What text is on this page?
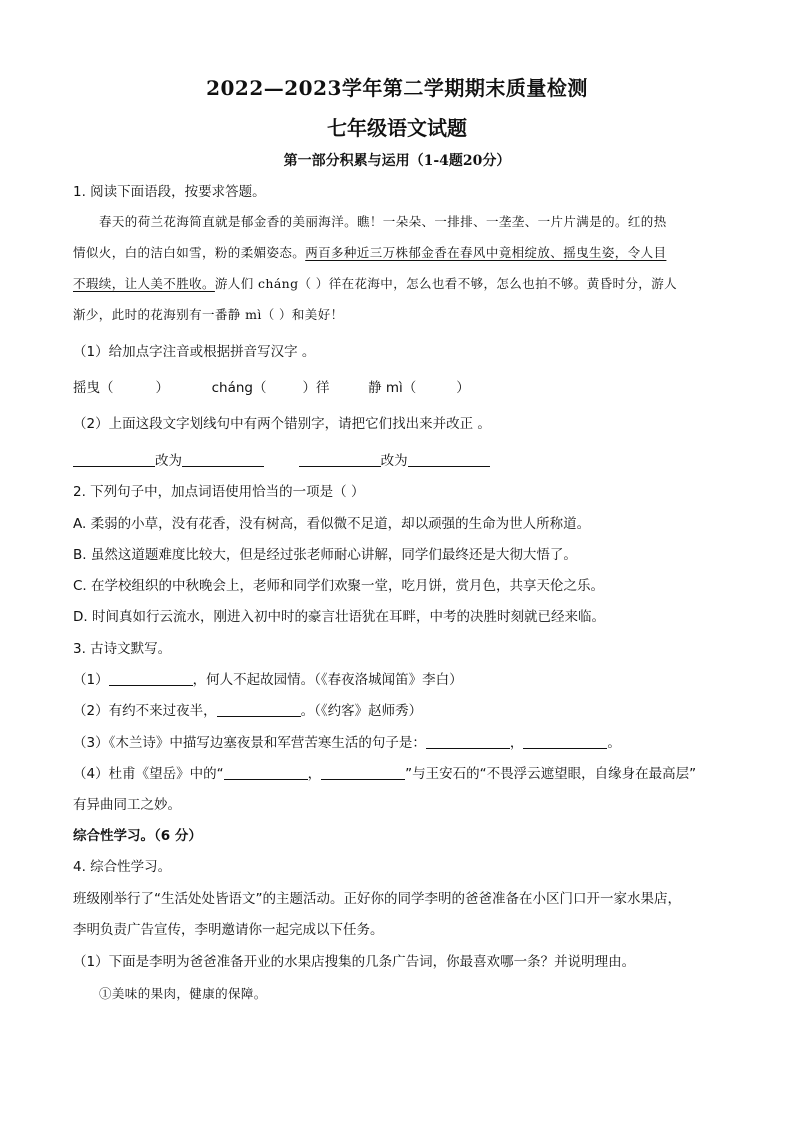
2022—2023学年第二学期期末质量检测
七年级语文试题
第一部分积累与运用（1-4题20分）
1. 阅读下面语段，按要求答题。
春天的荷兰花海简直就是郁金香的美丽海洋。瞧！一朵朵、一排排、一垄垄、一片片满是的。红的热
情似火，白的洁白如雪，粉的柔媚姿态。两百多种近三万株郁金香在春风中竟相绽放、摇曳生姿，令人目
不瑕续，让人美不胜收。游人们 cháng（ ）徉在花海中，怎么也看不够，怎么也拍不够。黄昏时分，游人
渐少，此时的花海别有一番静 mì（ ）和美好！
（1）给加点字注音或根据拼音写汉字 。
摇曳（	）	cháng（	）徉	静 mì（	）
（2）上面这段文字划线句中有两个错别字，请把它们找出来并改正 。
改为	改为
2. 下列句子中，加点词语使用恰当的一项是（ ）
A. 柔弱的小草，没有花香，没有树高，看似微不足道，却以顽强的生命为世人所称道。
B. 虽然这道题难度比较大，但是经过张老师耐心讲解，同学们最终还是大彻大悟了。
C. 在学校组织的中秋晚会上，老师和同学们欢聚一堂，吃月饼，赏月色，共享天伦之乐。
D. 时间真如行云流水，刚进入初中时的豪言壮语犹在耳畔，中考的决胜时刻就已经来临。
3. 古诗文默写。
（1）	，何人不起故园情。（《春夜洛城闻笛》李白）
（2）有约不来过夜半，	。（《约客》赵师秀）
（3）《木兰诗》中描写边塞夜景和军营苦寒生活的句子是：	，	。
（4）杜甫《望岳》中的“	，	”与王安石的“不畏浮云遮望眼，自缘身在最高层”
有异曲同工之妙。
综合性学习。（6 分）
4. 综合性学习。
班级刚举行了“生活处处皆语文”的主题活动。正好你的同学李明的爸爸准备在小区门口开一家水果店，
李明负责广告宣传，李明邀请你一起完成以下任务。
（1）下面是李明为爸爸准备开业的水果店搜集的几条广告词，你最喜欢哪一条？并说明理由。
①美味的果肉，健康的保障。
